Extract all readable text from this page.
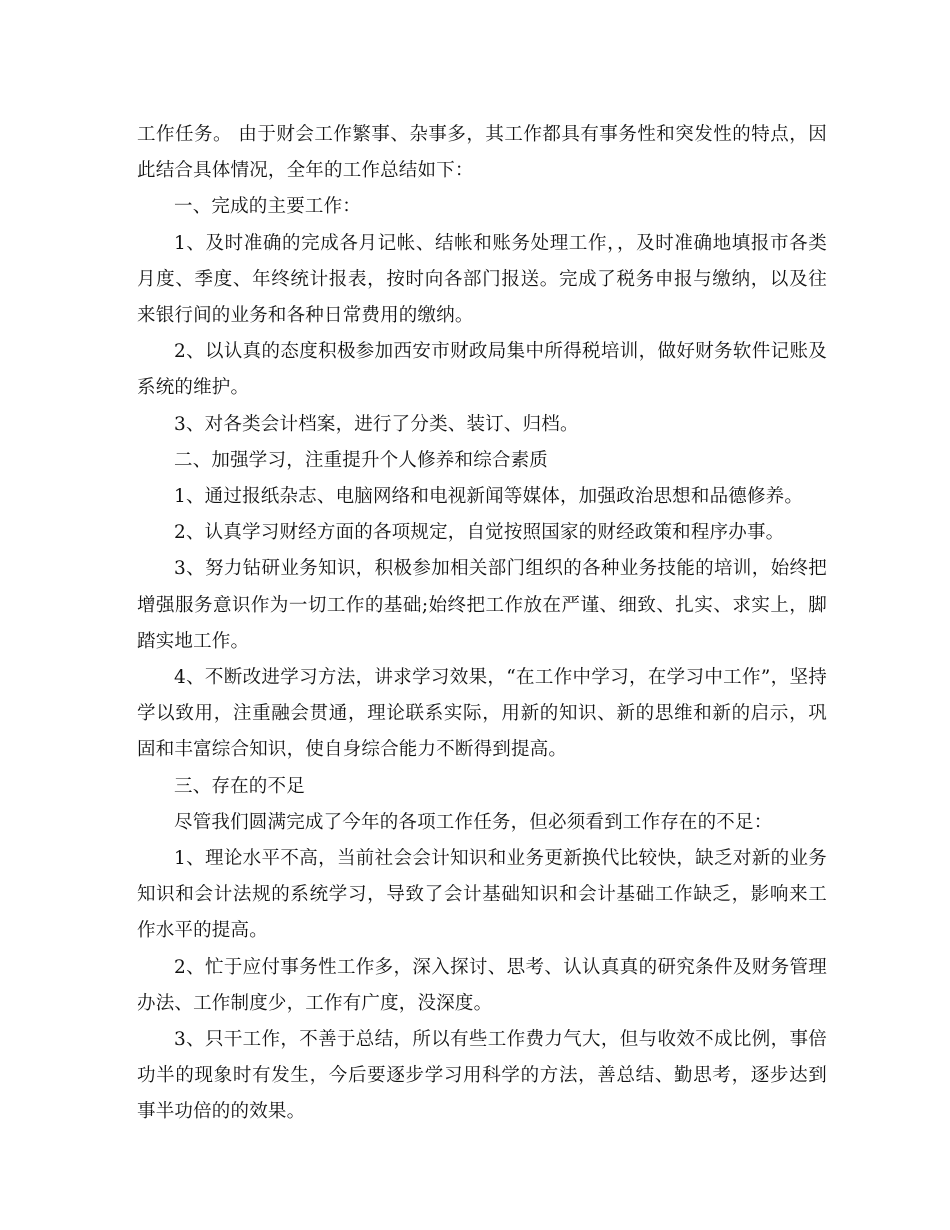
工作任务。 由于财会工作繁事、杂事多，其工作都具有事务性和突发性的特点，因此结合具体情况，全年的工作总结如下：

一、完成的主要工作：

1、及时准确的完成各月记帐、结帐和账务处理工作，，及时准确地填报市各类月度、季度、年终统计报表，按时向各部门报送。完成了税务申报与缴纳，以及往来银行间的业务和各种日常费用的缴纳。

2、以认真的态度积极参加西安市财政局集中所得税培训，做好财务软件记账及系统的维护。

3、对各类会计档案，进行了分类、装订、归档。

二、加强学习，注重提升个人修养和综合素质

1、通过报纸杂志、电脑网络和电视新闻等媒体，加强政治思想和品德修养。

2、认真学习财经方面的各项规定，自觉按照国家的财经政策和程序办事。

3、努力钻研业务知识，积极参加相关部门组织的各种业务技能的培训，始终把增强服务意识作为一切工作的基础;始终把工作放在严谨、细致、扎实、求实上，脚踏实地工作。

4、不断改进学习方法，讲求学习效果，“在工作中学习，在学习中工作”，坚持学以致用，注重融会贯通，理论联系实际，用新的知识、新的思维和新的启示，巩固和丰富综合知识，使自身综合能力不断得到提高。

三、存在的不足

尽管我们圆满完成了今年的各项工作任务，但必须看到工作存在的不足：

1、理论水平不高，当前社会会计知识和业务更新换代比较快，缺乏对新的业务知识和会计法规的系统学习，导致了会计基础知识和会计基础工作缺乏，影响来工作水平的提高。

2、忙于应付事务性工作多，深入探讨、思考、认认真真的研究条件及财务管理办法、工作制度少，工作有广度，没深度。

3、只干工作，不善于总结，所以有些工作费力气大，但与收效不成比例，事倍功半的现象时有发生，今后要逐步学习用科学的方法，善总结、勤思考，逐步达到事半功倍的的效果。
